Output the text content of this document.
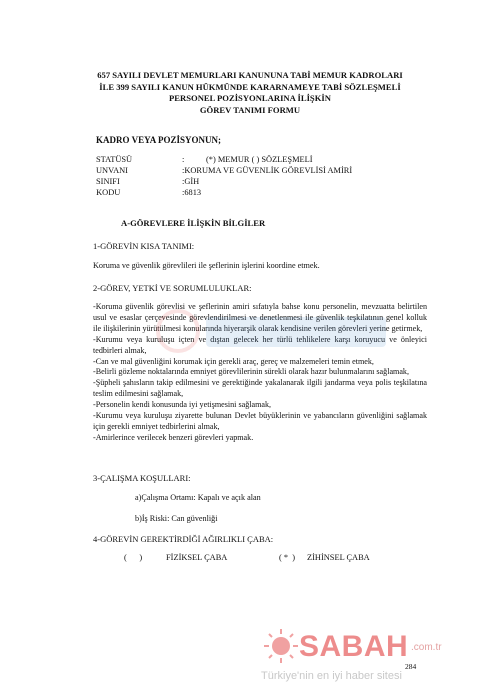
657 SAYILI DEVLET MEMURLARI KANUNUNA TABİ MEMUR KADROLARI
İLE 399 SAYILI KANUN HÜKMÜNDE KARARNAMEYE TABİ SÖZLEŞMELİ
PERSONEL POZİSYONLARINA İLİŞKİN
GÖREV TANIMI FORMU
KADRO VEYA POZİSYONUN;
STATÜSÜ	:	(*) MEMUR ( ) SÖZLEŞMELİ
UNVANI	:KORUMA VE GÜVENLİK GÖREVLİSİ AMİRİ
SINIFI	:GİH
KODU	:6813
A-GÖREVLERE İLİŞKİN BİLGİLER
1-GÖREVİN KISA TANIMI:
Koruma ve güvenlik görevlileri ile şeflerinin işlerini koordine etmek.
2-GÖREV, YETKİ VE SORUMLULUKLAR:
-Koruma güvenlik görevlisi ve şeflerinin amiri sıfatıyla bahse konu personelin, mevzuatta belirtilen usul ve esaslar çerçevesinde görevlendirilmesi ve denetlenmesi ile güvenlik teşkilatının genel kolluk ile ilişkilerinin yürütülmesi konularında hiyerarşik olarak kendisine verilen görevleri yerine getirmek,
-Kurumu veya kuruluşu içten ve dıştan gelecek her türlü tehlikelere karşı koruyucu ve önleyici tedbirleri almak,
-Can ve mal güvenliğini korumak için gerekli araç, gereç ve malzemeleri temin etmek,
-Belirli gözleme noktalarında emniyet görevlilerinin sürekli olarak hazır bulunmalarını sağlamak,
-Şüpheli şahısların takip edilmesini ve gerektiğinde yakalanarak ilgili jandarma veya polis teşkilatına teslim edilmesini sağlamak,
-Personelin kendi konusunda iyi yetişmesini sağlamak,
-Kurumu veya kuruluşu ziyarette bulunan Devlet büyüklerinin ve yabancıların güvenliğini sağlamak için gerekli emniyet tedbirlerini almak,
-Amirlerince verilecek benzeri görevleri yapmak.
3-ÇALIŞMA KOŞULLARI:
a)Çalışma Ortamı: Kapalı ve açık alan
b)İş Riski: Can güvenliği
4-GÖREVİN GEREKTİRDİĞİ AĞIRLIKLI ÇABA:
(      )	FİZİKSEL ÇABA	( *  ) ZİHİNSEL ÇABA
284
SABAH .com.tr
Türkiye'nin en iyi haber sitesi
